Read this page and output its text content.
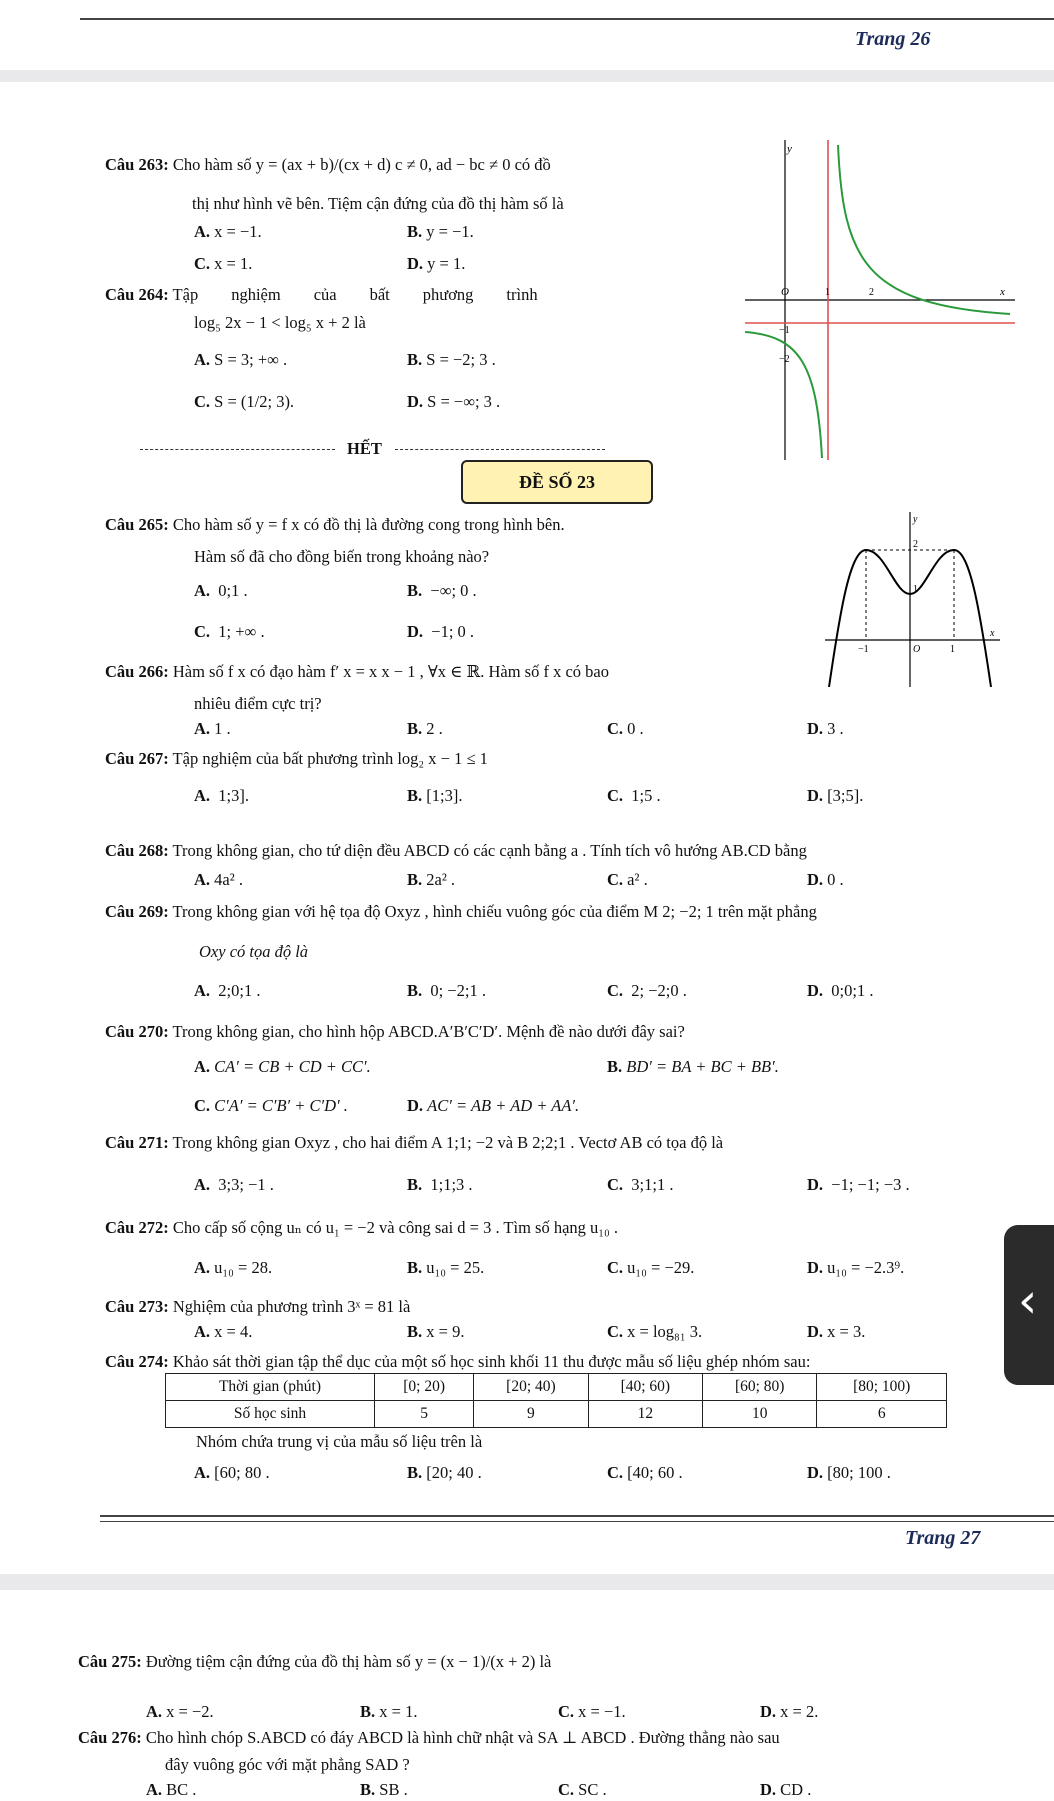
Trang 26
Câu 263: Cho hàm số y = (ax + b)/(cx + d) c ≠ 0, ad − bc ≠ 0 có đồ
thị như hình vẽ bên. Tiệm cận đứng của đồ thị hàm số là
A. x = −1.	B. y = −1.
C. x = 1.	D. y = 1.
y
x
O	1	2
−1
−2
Câu 264: Tập        nghiệm        của        bất        phương        trình
log₅ 2x − 1 < log₅ x + 2 là
A. S = 3; +∞ .	B. S = −2; 3 .
C. S = (1/2; 3).	D. S = −∞; 3 .
HẾT
ĐỀ SỐ 23
y
x
O	1
−1
2
1
Câu 265: Cho hàm số y = f x có đồ thị là đường cong trong hình bên.
Hàm số đã cho đồng biến trong khoảng nào?
A. 0;1 .	B. −∞; 0 .
C. 1; +∞ .	D. −1; 0 .
Câu 266: Hàm số f x có đạo hàm f′ x = x x − 1 , ∀x ∈ ℝ. Hàm số f x có bao
nhiêu điểm cực trị?
A. 1 .	B. 2 .	C. 0 .	D. 3 .
Câu 267: Tập nghiệm của bất phương trình log₂ x − 1 ≤ 1
A. 1;3].	B. [1;3].	C. 1;5 .	D. [3;5].
Câu 268: Trong không gian, cho tứ diện đều ABCD có các cạnh bằng a . Tính tích vô hướng AB.CD bằng
A. 4a² .	B. 2a² .	C. a² .	D. 0 .
Câu 269: Trong không gian với hệ tọa độ Oxyz , hình chiếu vuông góc của điểm M 2; −2; 1 trên mặt phẳng
Oxy có tọa độ là
A. 2;0;1 .	B. 0; −2;1 .	C. 2; −2;0 .	D. 0;0;1 .
Câu 270: Trong không gian, cho hình hộp ABCD.A′B′C′D′. Mệnh đề nào dưới đây sai?
A. CA′ = CB + CD + CC′.	B. BD′ = BA + BC + BB′.
C. C′A′ = C′B′ + C′D′ .	D. AC′ = AB + AD + AA′.
Câu 271: Trong không gian Oxyz , cho hai điểm A 1;1; −2 và B 2;2;1 . Vectơ AB có tọa độ là
A. 3;3; −1 .	B. 1;1;3 .	C. 3;1;1 .	D. −1; −1; −3 .
Câu 272: Cho cấp số cộng uₙ có u₁ = −2 và công sai d = 3 . Tìm số hạng u₁₀ .
A. u₁₀ = 28.	B. u₁₀ = 25.	C. u₁₀ = −29.	D. u₁₀ = −2.3⁹.
Câu 273: Nghiệm của phương trình 3ˣ = 81 là
A. x = 4.	B. x = 9.	C. x = log₈₁ 3.	D. x = 3.
Câu 274: Khảo sát thời gian tập thể dục của một số học sinh khối 11 thu được mẫu số liệu ghép nhóm sau:
Thời gian (phút)	[0; 20)	[20; 40)	[40; 60)	[60; 80)	[80; 100)
Số học sinh	5	9	12	10	6
Nhóm chứa trung vị của mẫu số liệu trên là
A. [60; 80 .	B. [20; 40 .	C. [40; 60 .	D. [80; 100 .
Trang 27
Câu 275: Đường tiệm cận đứng của đồ thị hàm số y = (x − 1)/(x + 2) là
A. x = −2.	B. x = 1.	C. x = −1.	D. x = 2.
Câu 276: Cho hình chóp S.ABCD có đáy ABCD là hình chữ nhật và SA ⊥ ABCD . Đường thẳng nào sau
đây vuông góc với mặt phẳng SAD ?
A. BC .	B. SB .	C. SC .	D. CD .
‹
